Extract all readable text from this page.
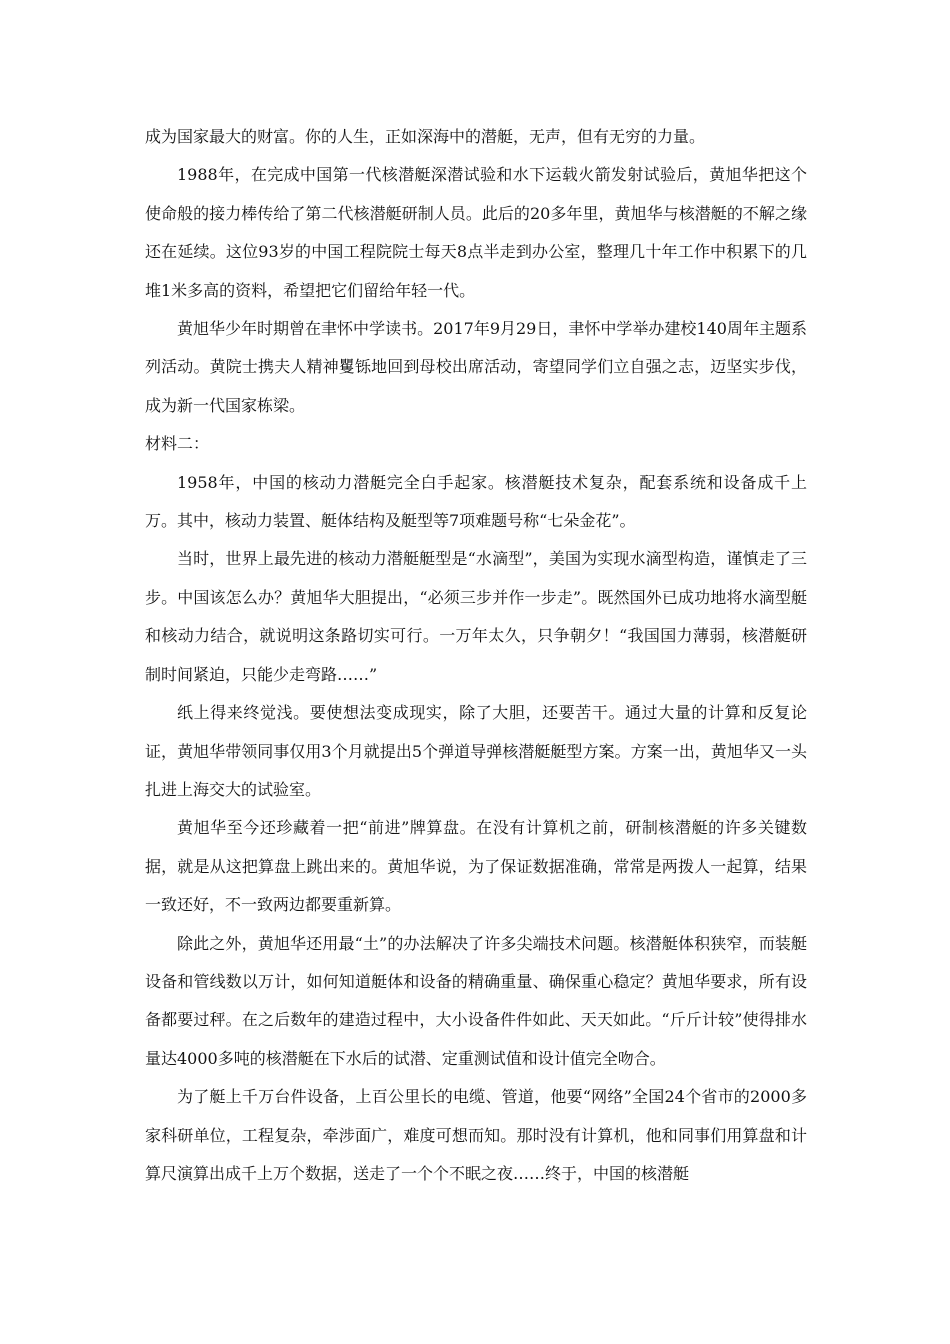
成为国家最大的财富。你的人生，正如深海中的潜艇，无声，但有无穷的力量。

1988年，在完成中国第一代核潜艇深潜试验和水下运载火箭发射试验后，黄旭华把这个使命般的接力棒传给了第二代核潜艇研制人员。此后的20多年里，黄旭华与核潜艇的不解之缘还在延续。这位93岁的中国工程院院士每天8点半走到办公室，整理几十年工作中积累下的几堆1米多高的资料，希望把它们留给年轻一代。

黄旭华少年时期曾在聿怀中学读书。2017年9月29日，聿怀中学举办建校140周年主题系列活动。黄院士携夫人精神矍铄地回到母校出席活动，寄望同学们立自强之志，迈坚实步伐，成为新一代国家栋梁。

材料二：

1958年，中国的核动力潜艇完全白手起家。核潜艇技术复杂，配套系统和设备成千上万。其中，核动力装置、艇体结构及艇型等7项难题号称“七朵金花”。

当时，世界上最先进的核动力潜艇艇型是“水滴型”，美国为实现水滴型构造，谨慎走了三步。中国该怎么办？黄旭华大胆提出，“必须三步并作一步走”。既然国外已成功地将水滴型艇和核动力结合，就说明这条路切实可行。一万年太久，只争朝夕！“我国国力薄弱，核潜艇研制时间紧迫，只能少走弯路……”

纸上得来终觉浅。要使想法变成现实，除了大胆，还要苦干。通过大量的计算和反复论证，黄旭华带领同事仅用3个月就提出5个弹道导弹核潜艇艇型方案。方案一出，黄旭华又一头扎进上海交大的试验室。

黄旭华至今还珍藏着一把“前进”牌算盘。在没有计算机之前，研制核潜艇的许多关键数据，就是从这把算盘上跳出来的。黄旭华说，为了保证数据准确，常常是两拨人一起算，结果一致还好，不一致两边都要重新算。

除此之外，黄旭华还用最“土”的办法解决了许多尖端技术问题。核潜艇体积狭窄，而装艇设备和管线数以万计，如何知道艇体和设备的精确重量、确保重心稳定？黄旭华要求，所有设备都要过秤。在之后数年的建造过程中，大小设备件件如此、天天如此。“斤斤计较”使得排水量达4000多吨的核潜艇在下水后的试潜、定重测试值和设计值完全吻合。

为了艇上千万台件设备，上百公里长的电缆、管道，他要“网络”全国24个省市的2000多家科研单位，工程复杂，牵涉面广，难度可想而知。那时没有计算机，他和同事们用算盘和计算尺演算出成千上万个数据，送走了一个个不眠之夜……终于，中国的核潜艇
